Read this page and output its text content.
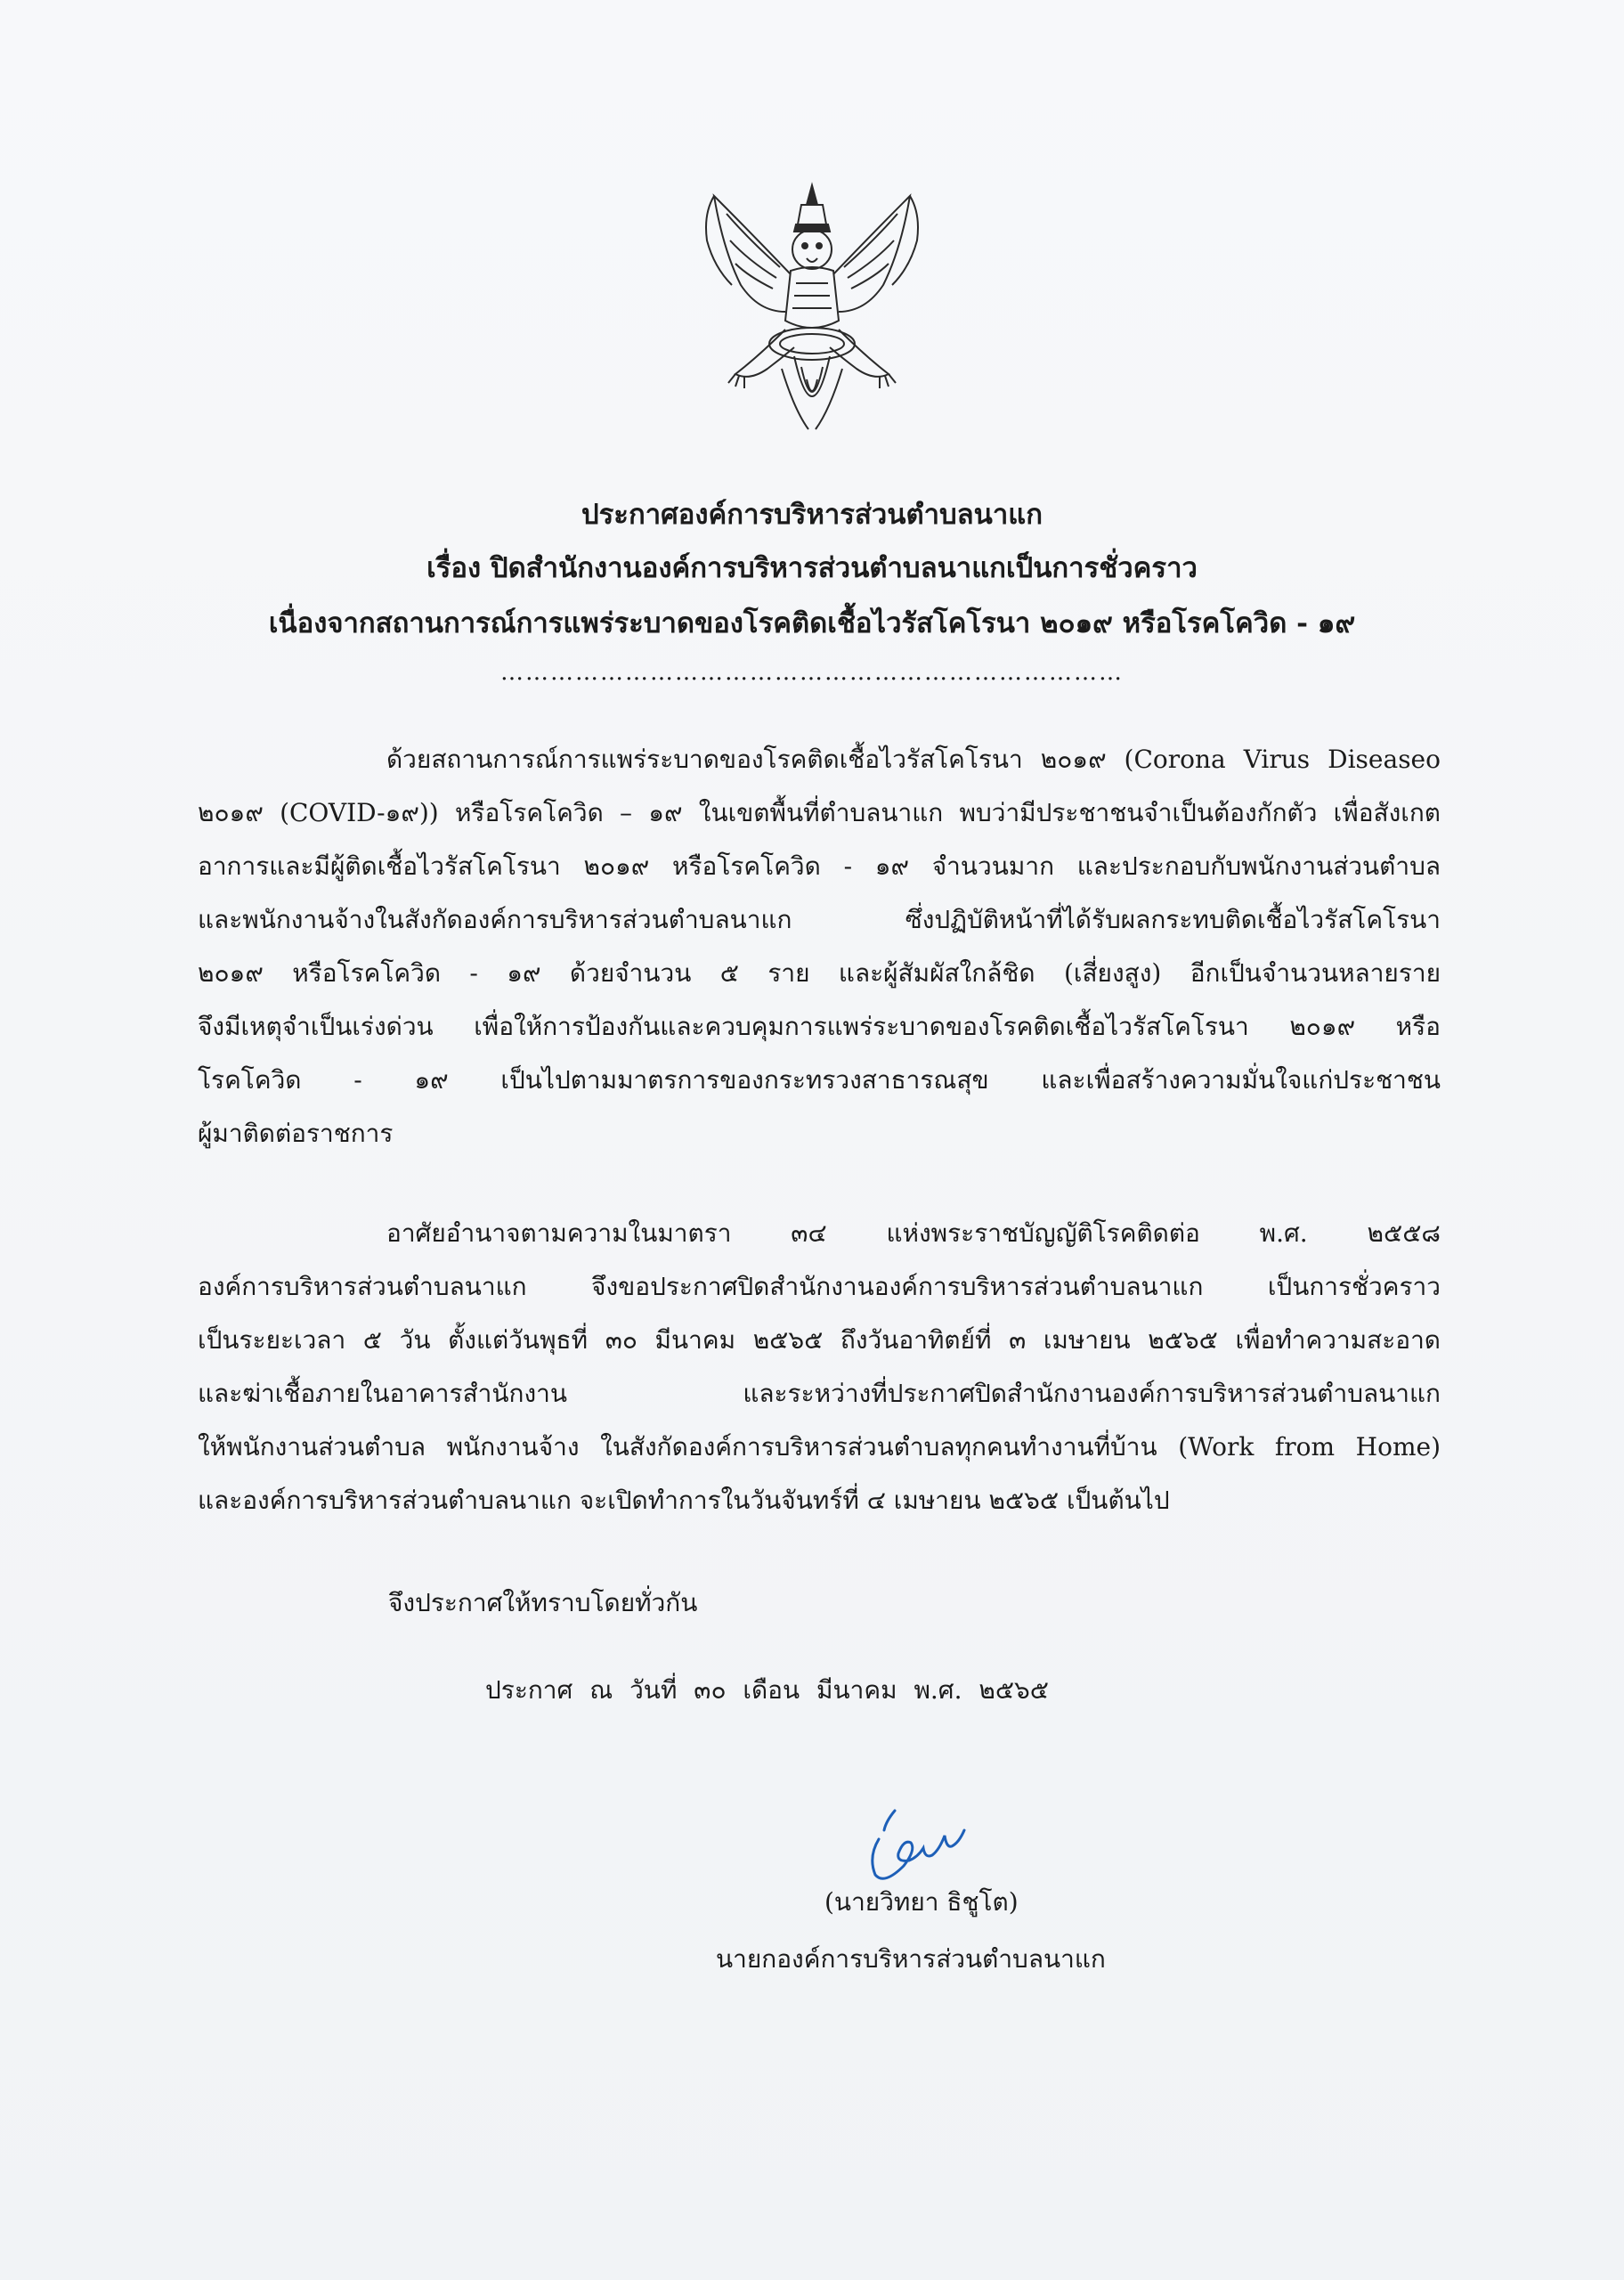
ประกาศองค์การบริหารส่วนตำบลนาแก
เรื่อง ปิดสำนักงานองค์การบริหารส่วนตำบลนาแกเป็นการชั่วคราว
เนื่องจากสถานการณ์การแพร่ระบาดของโรคติดเชื้อไวรัสโคโรนา ๒๐๑๙ หรือโรคโควิด - ๑๙
…………………………………………………………………
ด้วยสถานการณ์การแพร่ระบาดของโรคติดเชื้อไวรัสโคโรนา ๒๐๑๙ (Corona Virus Diseaseo
๒๐๑๙ (COVID-๑๙)) หรือโรคโควิด – ๑๙ ในเขตพื้นที่ตำบลนาแก พบว่ามีประชาชนจำเป็นต้องกักตัว เพื่อสังเกต
อาการและมีผู้ติดเชื้อไวรัสโคโรนา ๒๐๑๙ หรือโรคโควิด - ๑๙ จำนวนมาก และประกอบกับพนักงานส่วนตำบล
และพนักงานจ้างในสังกัดองค์การบริหารส่วนตำบลนาแก ซึ่งปฏิบัติหน้าที่ได้รับผลกระทบติดเชื้อไวรัสโคโรนา
๒๐๑๙ หรือโรคโควิด - ๑๙ ด้วยจำนวน ๕ ราย และผู้สัมผัสใกล้ชิด (เสี่ยงสูง) อีกเป็นจำนวนหลายราย
จึงมีเหตุจำเป็นเร่งด่วน เพื่อให้การป้องกันและควบคุมการแพร่ระบาดของโรคติดเชื้อไวรัสโคโรนา ๒๐๑๙ หรือ
โรคโควิด - ๑๙ เป็นไปตามมาตรการของกระทรวงสาธารณสุข และเพื่อสร้างความมั่นใจแก่ประชาชน
ผู้มาติดต่อราชการ
อาศัยอำนาจตามความในมาตรา ๓๔ แห่งพระราชบัญญัติโรคติดต่อ พ.ศ. ๒๕๕๘
องค์การบริหารส่วนตำบลนาแก จึงขอประกาศปิดสำนักงานองค์การบริหารส่วนตำบลนาแก เป็นการชั่วคราว
เป็นระยะเวลา ๕ วัน ตั้งแต่วันพุธที่ ๓๐ มีนาคม ๒๕๖๕ ถึงวันอาทิตย์ที่ ๓ เมษายน ๒๕๖๕ เพื่อทำความสะอาด
และฆ่าเชื้อภายในอาคารสำนักงาน และระหว่างที่ประกาศปิดสำนักงานองค์การบริหารส่วนตำบลนาแก
ให้พนักงานส่วนตำบล พนักงานจ้าง ในสังกัดองค์การบริหารส่วนตำบลทุกคนทำงานที่บ้าน (Work from Home)
และองค์การบริหารส่วนตำบลนาแก จะเปิดทำการในวันจันทร์ที่ ๔ เมษายน ๒๕๖๕ เป็นต้นไป
จึงประกาศให้ทราบโดยทั่วกัน
ประกาศ ณ วันที่ ๓๐ เดือน มีนาคม พ.ศ. ๒๕๖๕
(นายวิทยา ธิชูโต)
นายกองค์การบริหารส่วนตำบลนาแก
